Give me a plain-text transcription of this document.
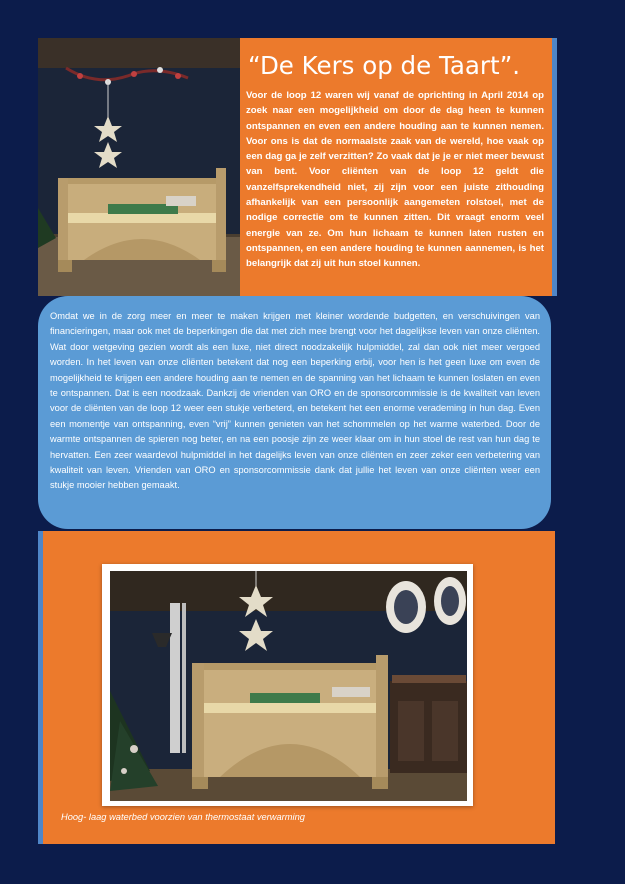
“De Kers op de Taart”.

Voor de loop 12 waren wij vanaf de oprichting in April 2014 op zoek naar een mogelijkheid om door de dag heen te kunnen ontspannen en even een andere houding aan te kunnen nemen. Voor ons is dat de normaalste zaak van de wereld, hoe vaak op een dag ga je zelf verzitten? Zo vaak dat je je er niet meer bewust van bent. Voor cliënten van de loop 12 geldt die vanzelfsprekendheid niet, zij zijn voor een juiste zithouding afhankelijk van een persoonlijk aangemeten rolstoel, met de nodige correctie om te kunnen zitten. Dit vraagt enorm veel energie van ze. Om hun lichaam te kunnen laten rusten en ontspannen, en een andere houding te kunnen aannemen, is het belangrijk dat zij uit hun stoel kunnen.

Omdat we in de zorg meer en meer te maken krijgen met kleiner wordende budgetten, en verschuivingen van financieringen, maar ook met de beperkingen die dat met zich mee brengt voor het dagelijkse leven van onze cliënten. Wat door wetgeving gezien wordt als een luxe, niet direct noodzakelijk hulpmiddel, zal dan ook niet meer vergoed worden. In het leven van onze cliënten betekent dat nog een beperking erbij, voor hen is het geen luxe om even de mogelijkheid te krijgen een andere houding aan te nemen en de spanning van het lichaam te kunnen loslaten en even te ontspannen. Dat is een noodzaak. Dankzij de vrienden van ORO en de sponsorcommissie is de kwaliteit van leven voor de cliënten van de loop 12 weer een stukje verbeterd, en betekent het een enorme verademing in hun dag. Even een momentje van ontspanning, even “vrij” kunnen genieten van het schommelen op het warme waterbed. Door de warmte ontspannen de spieren nog beter, en na een poosje zijn ze weer klaar om in hun stoel de rest van hun dag te hervatten. Een zeer waardevol hulpmiddel in het dagelijks leven van onze cliënten en zeer zeker een verbetering van kwaliteit van leven. Vrienden van ORO en sponsorcommissie dank dat jullie het leven van onze cliënten weer een stukje mooier hebben gemaakt.

Hoog- laag waterbed voorzien van thermostaat verwarming
